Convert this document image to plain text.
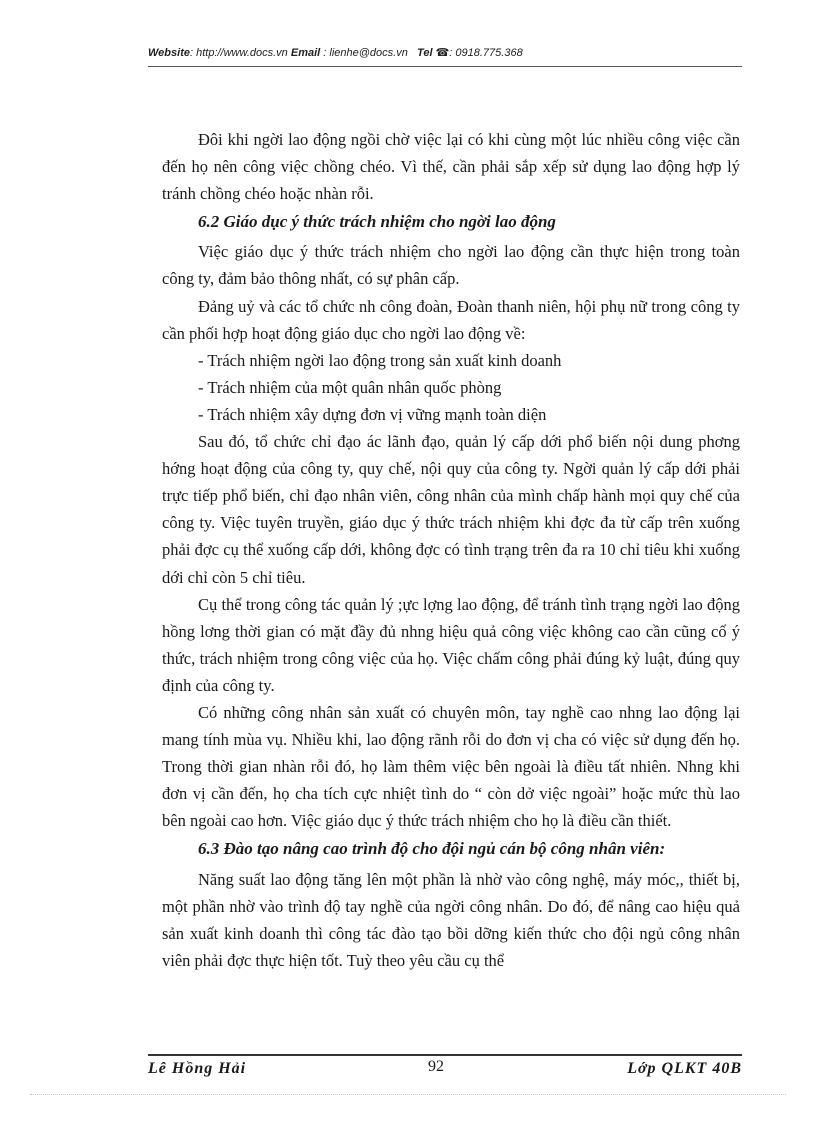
Website: http://www.docs.vn Email : lienhe@docs.vn Tel ☎: 0918.775.368

Đôi khi ngời lao động ngồi chờ việc lại có khi cùng một lúc nhiều công việc cần đến họ nên công việc chồng chéo. Vì thế, cần phải sắp xếp sử dụng lao động hợp lý tránh chồng chéo hoặc nhàn rỗi.

6.2 Giáo dục ý thức trách nhiệm cho ngời lao động

Việc giáo dục ý thức trách nhiệm cho ngời lao động cần thực hiện trong toàn công ty, đảm bảo thông nhất, có sự phân cấp.

Đảng uỷ và các tổ chức nh công đoàn, Đoàn thanh niên, hội phụ nữ trong công ty cần phối hợp hoạt động giáo dục cho ngời lao động về:

- Trách nhiệm ngời lao động trong sản xuất kinh doanh

- Trách nhiệm của một quân nhân quốc phòng

- Trách nhiệm xây dựng đơn vị vững mạnh toàn diện

Sau đó, tổ chức chỉ đạo ác lãnh đạo, quản lý cấp dới phổ biến nội dung phơng hớng hoạt động của công ty, quy chế, nội quy của công ty. Ngời quản lý cấp dới phải trực tiếp phổ biến, chỉ đạo nhân viên, công nhân của mình chấp hành mọi quy chế của công ty. Việc tuyên truyền, giáo dục ý thức trách nhiệm khi đợc đa từ cấp trên xuống phải đợc cụ thể xuống cấp dới, không đợc có tình trạng trên đa ra 10 chỉ tiêu khi xuống dới chỉ còn 5 chỉ tiêu.

Cụ thể trong công tác quản lý ;ực lợng lao động, để tránh tình trạng ngời lao động hồng lơng thời gian có mặt đầy đủ nhng hiệu quả công việc không cao cần cũng cố ý thức, trách nhiệm trong công việc của họ. Việc chấm công phải đúng kỷ luật, đúng quy định của công ty.

Có những công nhân sản xuất có chuyên môn, tay nghề cao nhng lao động lại mang tính mùa vụ. Nhiều khi, lao động rãnh rỗi do đơn vị cha có việc sử dụng đến họ. Trong thời gian nhàn rỗi đó, họ làm thêm việc bên ngoài là điều tất nhiên. Nhng khi đơn vị cần đến, họ cha tích cực nhiệt tình do “ còn dở việc ngoài” hoặc mức thù lao bên ngoài cao hơn. Việc giáo dục ý thức trách nhiệm cho họ là điều cần thiết.

6.3 Đào tạo nâng cao trình độ cho đội ngủ cán bộ công nhân viên:

Năng suất lao động tăng lên một phần là nhờ vào công nghệ, máy móc,, thiết bị, một phần nhờ vào trình độ tay nghề của ngời công nhân. Do đó, để nâng cao hiệu quả sản xuất kinh doanh thì công tác đào tạo bồi dỡng kiến thức cho đội ngủ công nhân viên phải đợc thực hiện tốt. Tuỳ theo yêu cầu cụ thể

Lê Hồng Hải	92	Lớp QLKT 40B
